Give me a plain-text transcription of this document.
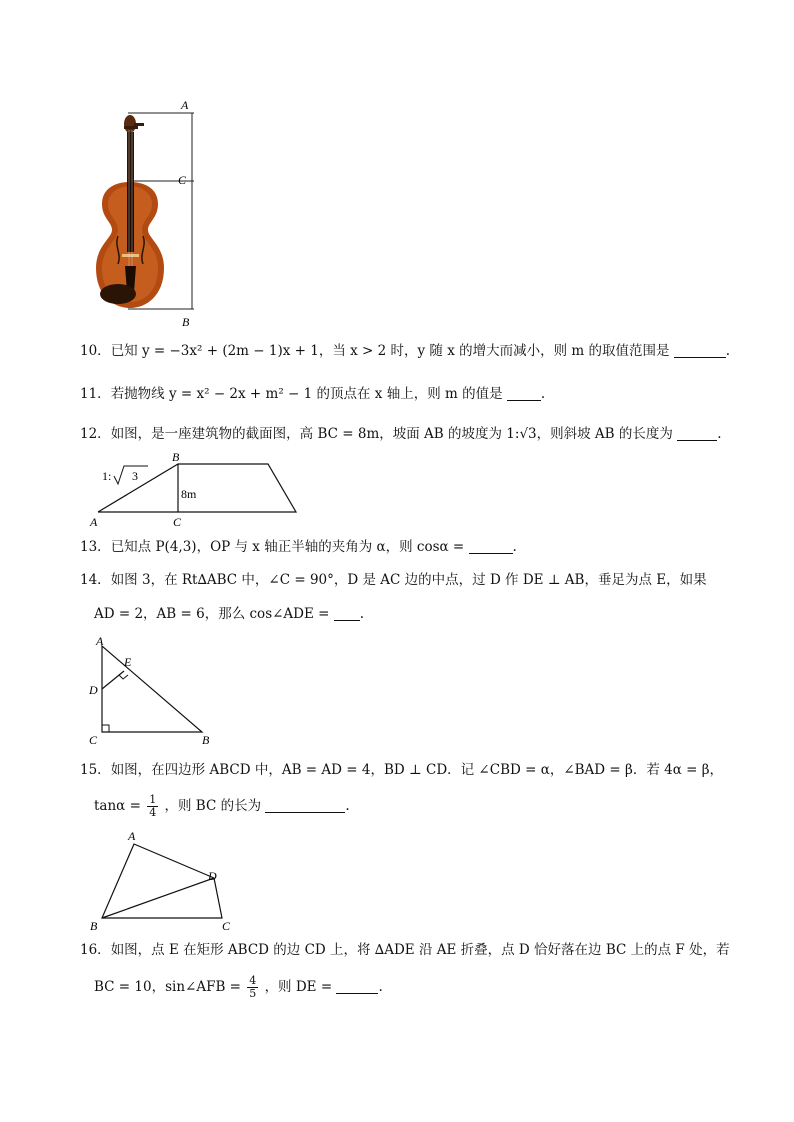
A
C
B
10．已知 y = −3x² + (2m − 1)x + 1，当 x > 2 时，y 随 x 的增大而减小，则 m 的取值范围是	.
11．若抛物线 y = x² − 2x + m² − 1 的顶点在 x 轴上，则 m 的值是	.
12．如图，是一座建筑物的截面图，高 BC = 8m，坡面 AB 的坡度为 1:√3，则斜坡 AB 的长度为	.
1: 3
8m
A
B
C
13．已知点 P(4,3)，OP 与 x 轴正半轴的夹角为 α，则 cosα =	.
14．如图 3，在 Rt∆ABC 中，∠C = 90°，D 是 AC 边的中点，过 D 作 DE ⊥ AB，垂足为点 E，如果
AD = 2，AB = 6，那么 cos∠ADE = .
A
E
D
C	B
15．如图，在四边形 ABCD 中，AB = AD = 4，BD ⊥ CD．记 ∠CBD = α，∠BAD = β．若 4α = β，
$\tan\alpha = \frac{1}{4}$ ，则 BC 的长为	.
A
D
B	C
16．如图，点 E 在矩形 ABCD 的边 CD 上，将 ∆ADE 沿 AE 折叠，点 D 恰好落在边 BC 上的点 F 处，若
BC = 10，sin∠AFB = $\frac{4}{5}$ ，则 DE =	.
